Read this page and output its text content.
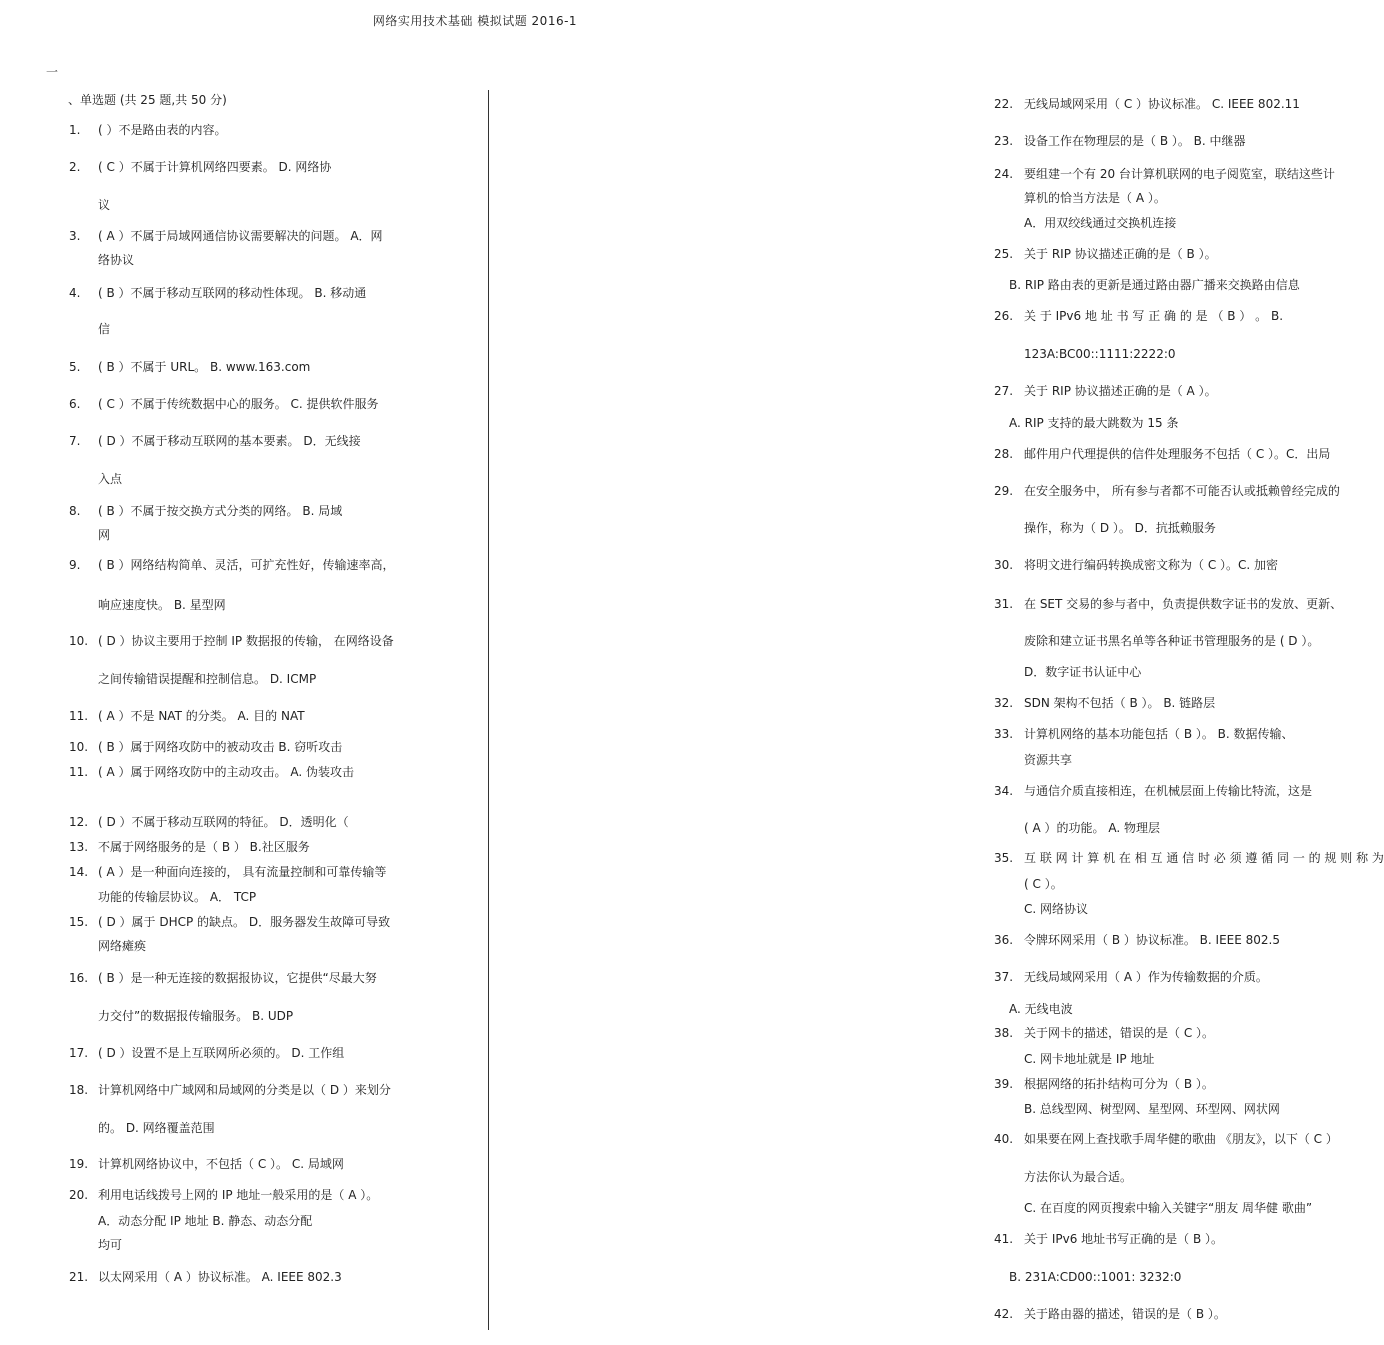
网络实用技术基础 模拟试题 2016-1
一
、单选题 (共 25 题,共 50 分)
1.	( ）不是路由表的内容。
2.	( C ）不属于计算机网络四要素。 D. 网络协
议
3.	( A ）不属于局域网通信协议需要解决的问题。 A．网
络协议
4.	( B ）不属于移动互联网的移动性体现。 B. 移动通
信
5.	( B ）不属于 URL。 B. www.163.com
6.	( C ）不属于传统数据中心的服务。 C. 提供软件服务
7.	( D ）不属于移动互联网的基本要素。 D．无线接
入点
8.	( B ）不属于按交换方式分类的网络。 B. 局域
网
9.	( B ）网络结构简单、灵活，可扩充性好，传输速率高，
响应速度快。 B. 星型网
10. ( D ）协议主要用于控制 IP 数据报的传输， 在网络设备
之间传输错误提醒和控制信息。 D. ICMP
11. ( A ）不是 NAT 的分类。 A. 目的 NAT
10. ( B ）属于网络攻防中的被动攻击 B. 窃听攻击
11. ( A ）属于网络攻防中的主动攻击。 A. 伪装攻击
12. ( D ）不属于移动互联网的特征。 D．透明化（
13. 不属于网络服务的是（ B ） B.社区服务
14. ( A ）是一种面向连接的， 具有流量控制和可靠传输等
功能的传输层协议。 A． TCP
15. ( D ）属于 DHCP 的缺点。 D．服务器发生故障可导致
网络瘫痪
16. ( B ）是一种无连接的数据报协议，它提供“尽最大努
力交付”的数据报传输服务。 B. UDP
17. ( D ）设置不是上互联网所必须的。 D. 工作组
18. 计算机网络中广域网和局域网的分类是以（ D ）来划分
的。 D. 网络覆盖范围
19. 计算机网络协议中，不包括（ C ）。 C. 局域网
20. 利用电话线拨号上网的 IP 地址一般采用的是（ A ）。
A．动态分配 IP 地址 B. 静态、动态分配
均可
21. 以太网采用（ A ）协议标准。 A. IEEE 802.3
22. 无线局域网采用（ C ）协议标准。 C. IEEE 802.11
23. 设备工作在物理层的是（ B ）。 B. 中继器
24. 要组建一个有 20 台计算机联网的电子阅览室，联结这些计
算机的恰当方法是（ A ）。
A．用双绞线通过交换机连接
25. 关于 RIP 协议描述正确的是（ B ）。
B. RIP 路由表的更新是通过路由器广播来交换路由信息
26. 关 于 IPv6 地 址 书 写 正 确 的 是 （ B ） 。 B.
123A:BC00::1111:2222:0
27. 关于 RIP 协议描述正确的是（ A ）。
A. RIP 支持的最大跳数为 15 条
28. 邮件用户代理提供的信件处理服务不包括（ C ）。C．出局
29. 在安全服务中， 所有参与者都不可能否认或抵赖曾经完成的
操作，称为（ D ）。 D．抗抵赖服务
30. 将明文进行编码转换成密文称为（ C ）。C. 加密
31. 在 SET 交易的参与者中，负责提供数字证书的发放、更新、
废除和建立证书黑名单等各种证书管理服务的是 ( D ）。
D．数字证书认证中心
32. SDN 架构不包括（ B ）。 B. 链路层
33. 计算机网络的基本功能包括（ B ）。 B. 数据传输、
资源共享
34. 与通信介质直接相连，在机械层面上传输比特流，这是
( A ）的功能。 A. 物理层
35. 互 联 网 计 算 机 在 相 互 通 信 时 必 须 遵 循 同 一 的 规 则 称 为
( C ）。
C. 网络协议
36. 令牌环网采用（ B ）协议标准。 B. IEEE 802.5
37. 无线局域网采用（ A ）作为传输数据的介质。
A. 无线电波
38. 关于网卡的描述，错误的是（ C ）。
C. 网卡地址就是 IP 地址
39. 根据网络的拓扑结构可分为（ B ）。
B. 总线型网、树型网、星型网、环型网、网状网
40. 如果要在网上查找歌手周华健的歌曲 《朋友》，以下（ C ）
方法你认为最合适。
C. 在百度的网页搜索中输入关键字“朋友 周华健 歌曲”
41. 关于 IPv6 地址书写正确的是（ B ）。
B. 231A:CD00::1001: 3232:0
42. 关于路由器的描述，错误的是（ B ）。
